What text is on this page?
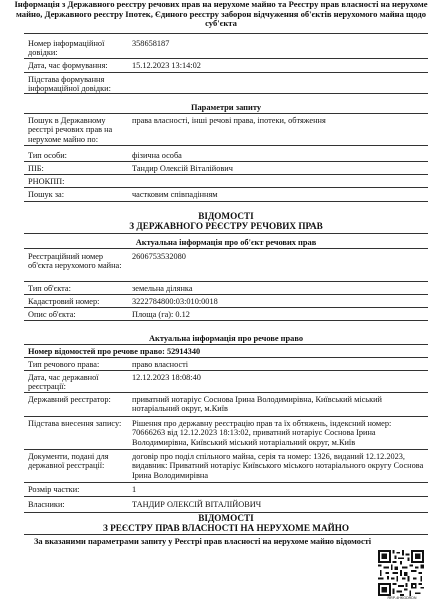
Інформація з Державного реєстру речових прав на нерухоме майно та Реєстру прав власності на нерухоме майно, Державного реєстру Іпотек, Єдиного реєстру заборон відчуження об'єктів нерухомого майна щодо суб'єкта
Номер інформаційної довідки:
358658187
Дата, час формування:	15.12.2023 13:14:02
Підстава формування інформаційної довідки:
Параметри запиту
Пошук в Державному реєстрі речових прав на нерухоме майно по:
права власності, інші речові права, іпотеки, обтяження
Тип особи:	фізична особа
ПІБ:	Тандир Олексій Віталійович
РНОКПП:
Пошук за:	частковим співпадінням
ВІДОМОСТІ
З ДЕРЖАВНОГО РЕЄСТРУ РЕЧОВИХ ПРАВ
Актуальна інформація про об'єкт речових прав
Реєстраційний номер об'єкта нерухомого майна:
2606753532080
Тип об'єкта:	земельна ділянка
Кадастровий номер:	3222784800:03:010:0018
Опис об'єкта:	Площа (га): 0.12
Актуальна інформація про речове право
Номер відомостей про речове право: 52914340
Тип речового права:	право власності
Дата, час державної реєстрації:
12.12.2023 18:08:40
Державний реєстратор:	приватний нотаріус Соснова Ірина Володимирівна, Київський міський нотаріальний округ, м.Київ
Підстава внесення запису:	Рішення про державну реєстрацію прав та їх обтяжень, індексний номер: 70666263 від 12.12.2023 18:13:02, приватний нотаріус Соснова Ірина Володимирівна, Київський міський нотаріальний округ, м.Київ
Документи, подані для державної реєстрації:
договір про поділ спільного майна, серія та номер: 1326, виданий 12.12.2023, видавник: Приватний нотаріус Київського міського нотаріального округу Соснова Ірина Володимирівна
Розмір частки:	1
Власники:	ТАНДИР ОЛЕКСІЙ ВІТАЛІЙОВИЧ
ВІДОМОСТІ
З РЕЄСТРУ ПРАВ ВЛАСНОСТІ НА НЕРУХОМЕ МАЙНО
За вказаними параметрами запиту у Реєстрі прав власності на нерухоме майно відомості
RRP-4HKGDRDN
